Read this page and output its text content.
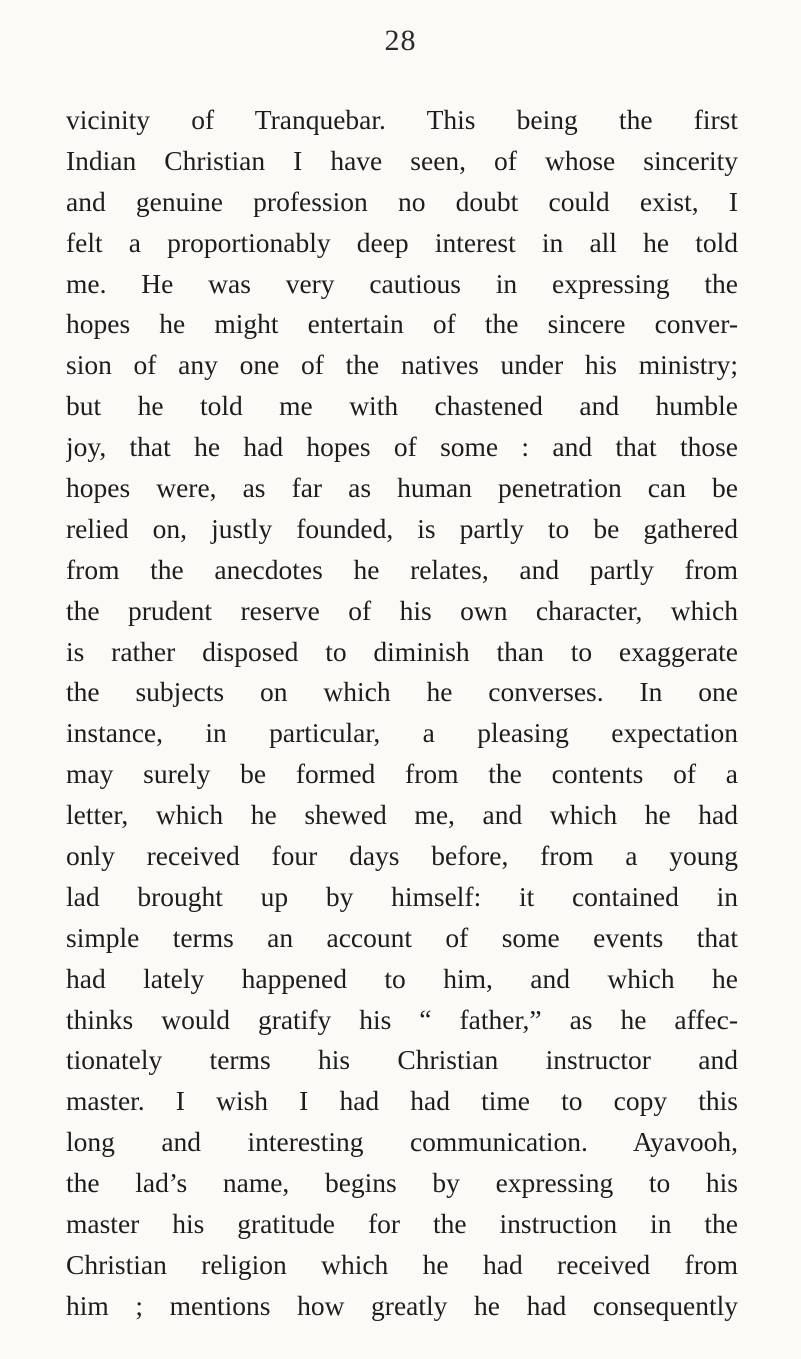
28
vicinity of Tranquebar. This being the first
Indian Christian I have seen, of whose sincerity
and genuine profession no doubt could exist, I
felt a proportionably deep interest in all he told
me. He was very cautious in expressing the
hopes he might entertain of the sincere conver-
sion of any one of the natives under his ministry;
but he told me with chastened and humble
joy, that he had hopes of some : and that those
hopes were, as far as human penetration can be
relied on, justly founded, is partly to be gathered
from the anecdotes he relates, and partly from
the prudent reserve of his own character, which
is rather disposed to diminish than to exaggerate
the subjects on which he converses. In one
instance, in particular, a pleasing expectation
may surely be formed from the contents of a
letter, which he shewed me, and which he had
only received four days before, from a young
lad brought up by himself: it contained in
simple terms an account of some events that
had lately happened to him, and which he
thinks would gratify his “ father,” as he affec-
tionately terms his Christian instructor and
master. I wish I had had time to copy this
long and interesting communication. Ayavooh,
the lad’s name, begins by expressing to his
master his gratitude for the instruction in the
Christian religion which he had received from
him ; mentions how greatly he had consequently
